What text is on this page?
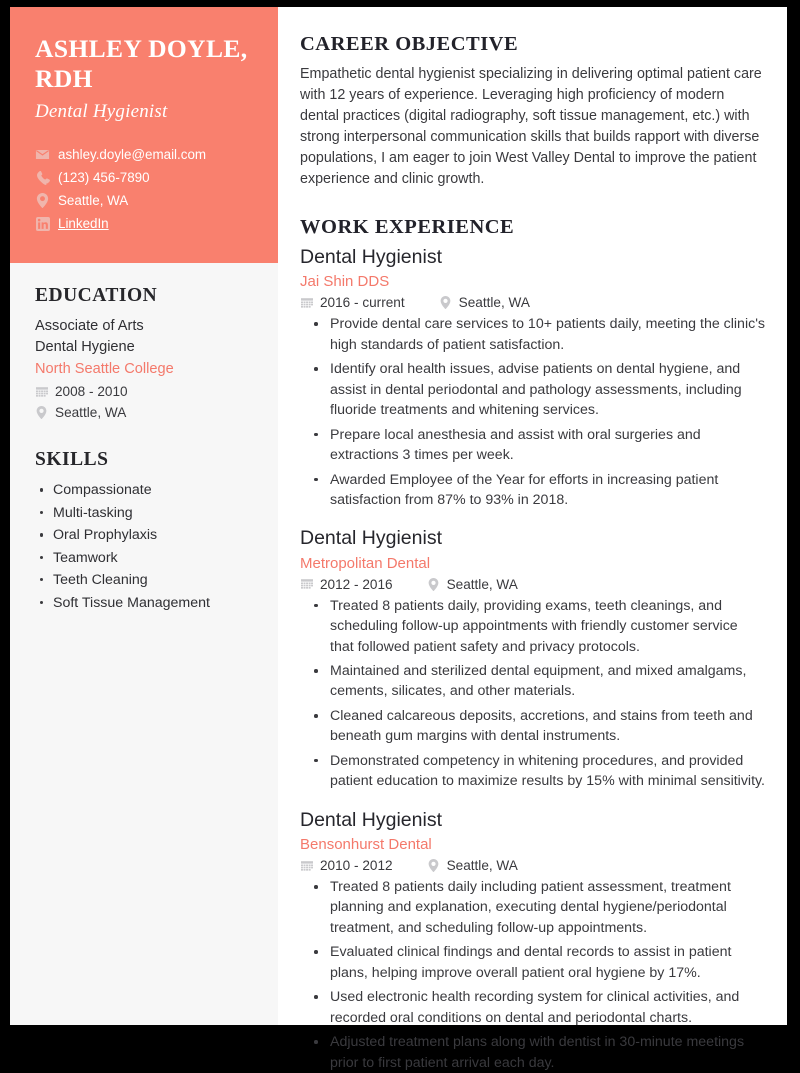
ASHLEY DOYLE, RDH
Dental Hygienist
ashley.doyle@email.com
(123) 456-7890
Seattle, WA
LinkedIn
EDUCATION
Associate of Arts
Dental Hygiene
North Seattle College
2008 - 2010
Seattle, WA
SKILLS
Compassionate
Multi-tasking
Oral Prophylaxis
Teamwork
Teeth Cleaning
Soft Tissue Management
CAREER OBJECTIVE

Empathetic dental hygienist specializing in delivering optimal patient care with 12 years of experience. Leveraging high proficiency of modern dental practices (digital radiography, soft tissue management, etc.) with strong interpersonal communication skills that builds rapport with diverse populations, I am eager to join West Valley Dental to improve the patient experience and clinic growth.

WORK EXPERIENCE
Dental Hygienist
Jai Shin DDS
2016 - current	Seattle, WA
Provide dental care services to 10+ patients daily, meeting the clinic's high standards of patient satisfaction.
Identify oral health issues, advise patients on dental hygiene, and assist in dental periodontal and pathology assessments, including fluoride treatments and whitening services.
Prepare local anesthesia and assist with oral surgeries and extractions 3 times per week.
Awarded Employee of the Year for efforts in increasing patient satisfaction from 87% to 93% in 2018.
Dental Hygienist
Metropolitan Dental
2012 - 2016	Seattle, WA
Treated 8 patients daily, providing exams, teeth cleanings, and scheduling follow-up appointments with friendly customer service that followed patient safety and privacy protocols.
Maintained and sterilized dental equipment, and mixed amalgams, cements, silicates, and other materials.
Cleaned calcareous deposits, accretions, and stains from teeth and beneath gum margins with dental instruments.
Demonstrated competency in whitening procedures, and provided patient education to maximize results by 15% with minimal sensitivity.
Dental Hygienist
Bensonhurst Dental
2010 - 2012	Seattle, WA
Treated 8 patients daily including patient assessment, treatment planning and explanation, executing dental hygiene/periodontal treatment, and scheduling follow-up appointments.
Evaluated clinical findings and dental records to assist in patient plans, helping improve overall patient oral hygiene by 17%.
Used electronic health recording system for clinical activities, and recorded oral conditions on dental and periodontal charts.
Adjusted treatment plans along with dentist in 30-minute meetings prior to first patient arrival each day.
